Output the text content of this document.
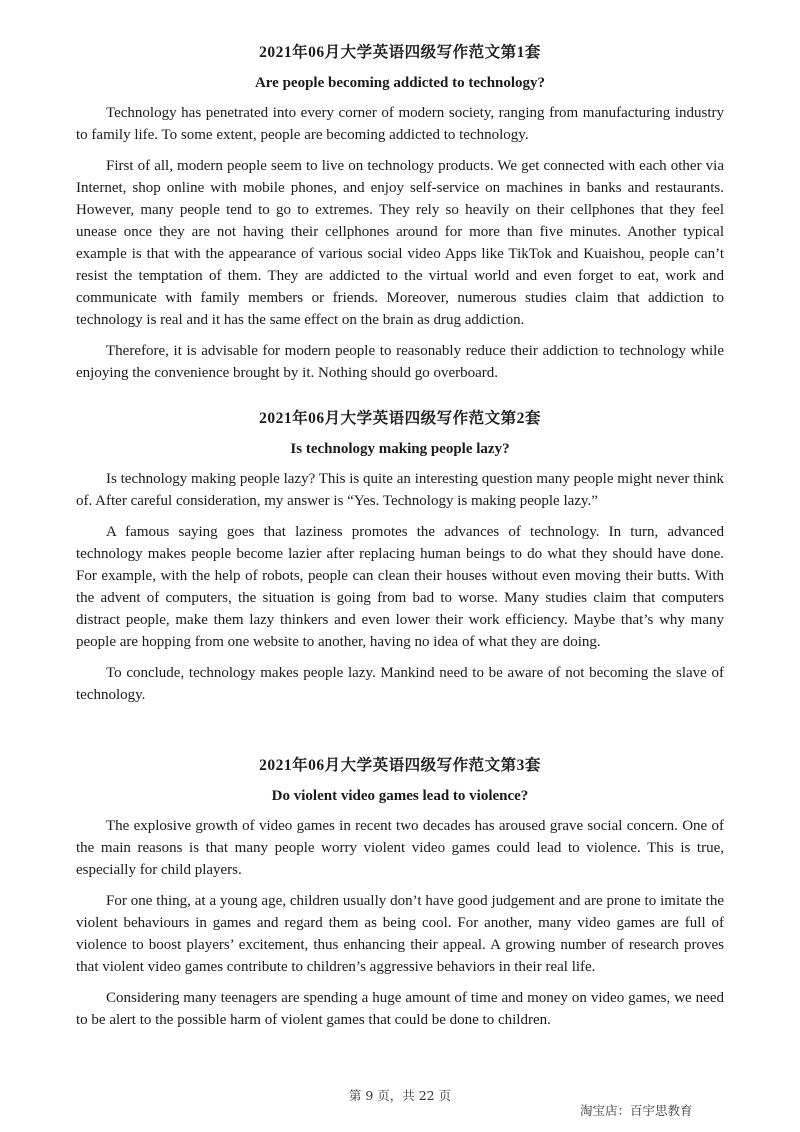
2021年06月大学英语四级写作范文第1套
Are people becoming addicted to technology?

Technology has penetrated into every corner of modern society, ranging from manufacturing industry to family life. To some extent, people are becoming addicted to technology.

First of all, modern people seem to live on technology products. We get connected with each other via Internet, shop online with mobile phones, and enjoy self-service on machines in banks and restaurants. However, many people tend to go to extremes. They rely so heavily on their cellphones that they feel unease once they are not having their cellphones around for more than five minutes. Another typical example is that with the appearance of various social video Apps like TikTok and Kuaishou, people can’t resist the temptation of them. They are addicted to the virtual world and even forget to eat, work and communicate with family members or friends. Moreover, numerous studies claim that addiction to technology is real and it has the same effect on the brain as drug addiction.

Therefore, it is advisable for modern people to reasonably reduce their addiction to technology while enjoying the convenience brought by it. Nothing should go overboard.

2021年06月大学英语四级写作范文第2套
Is technology making people lazy?

Is technology making people lazy? This is quite an interesting question many people might never think of. After careful consideration, my answer is “Yes. Technology is making people lazy.”

A famous saying goes that laziness promotes the advances of technology. In turn, advanced technology makes people become lazier after replacing human beings to do what they should have done. For example, with the help of robots, people can clean their houses without even moving their butts. With the advent of computers, the situation is going from bad to worse. Many studies claim that computers distract people, make them lazy thinkers and even lower their work efficiency. Maybe that’s why many people are hopping from one website to another, having no idea of what they are doing.

To conclude, technology makes people lazy. Mankind need to be aware of not becoming the slave of technology.

2021年06月大学英语四级写作范文第3套
Do violent video games lead to violence?

The explosive growth of video games in recent two decades has aroused grave social concern. One of the main reasons is that many people worry violent video games could lead to violence. This is true, especially for child players.

For one thing, at a young age, children usually don’t have good judgement and are prone to imitate the violent behaviours in games and regard them as being cool. For another, many video games are full of violence to boost players’ excitement, thus enhancing their appeal. A growing number of research proves that violent video games contribute to children’s aggressive behaviors in their real life.

Considering many teenagers are spending a huge amount of time and money on video games, we need to be alert to the possible harm of violent games that could be done to children.

第 9 页，共 22 页
淘宝店：百宇思教育
